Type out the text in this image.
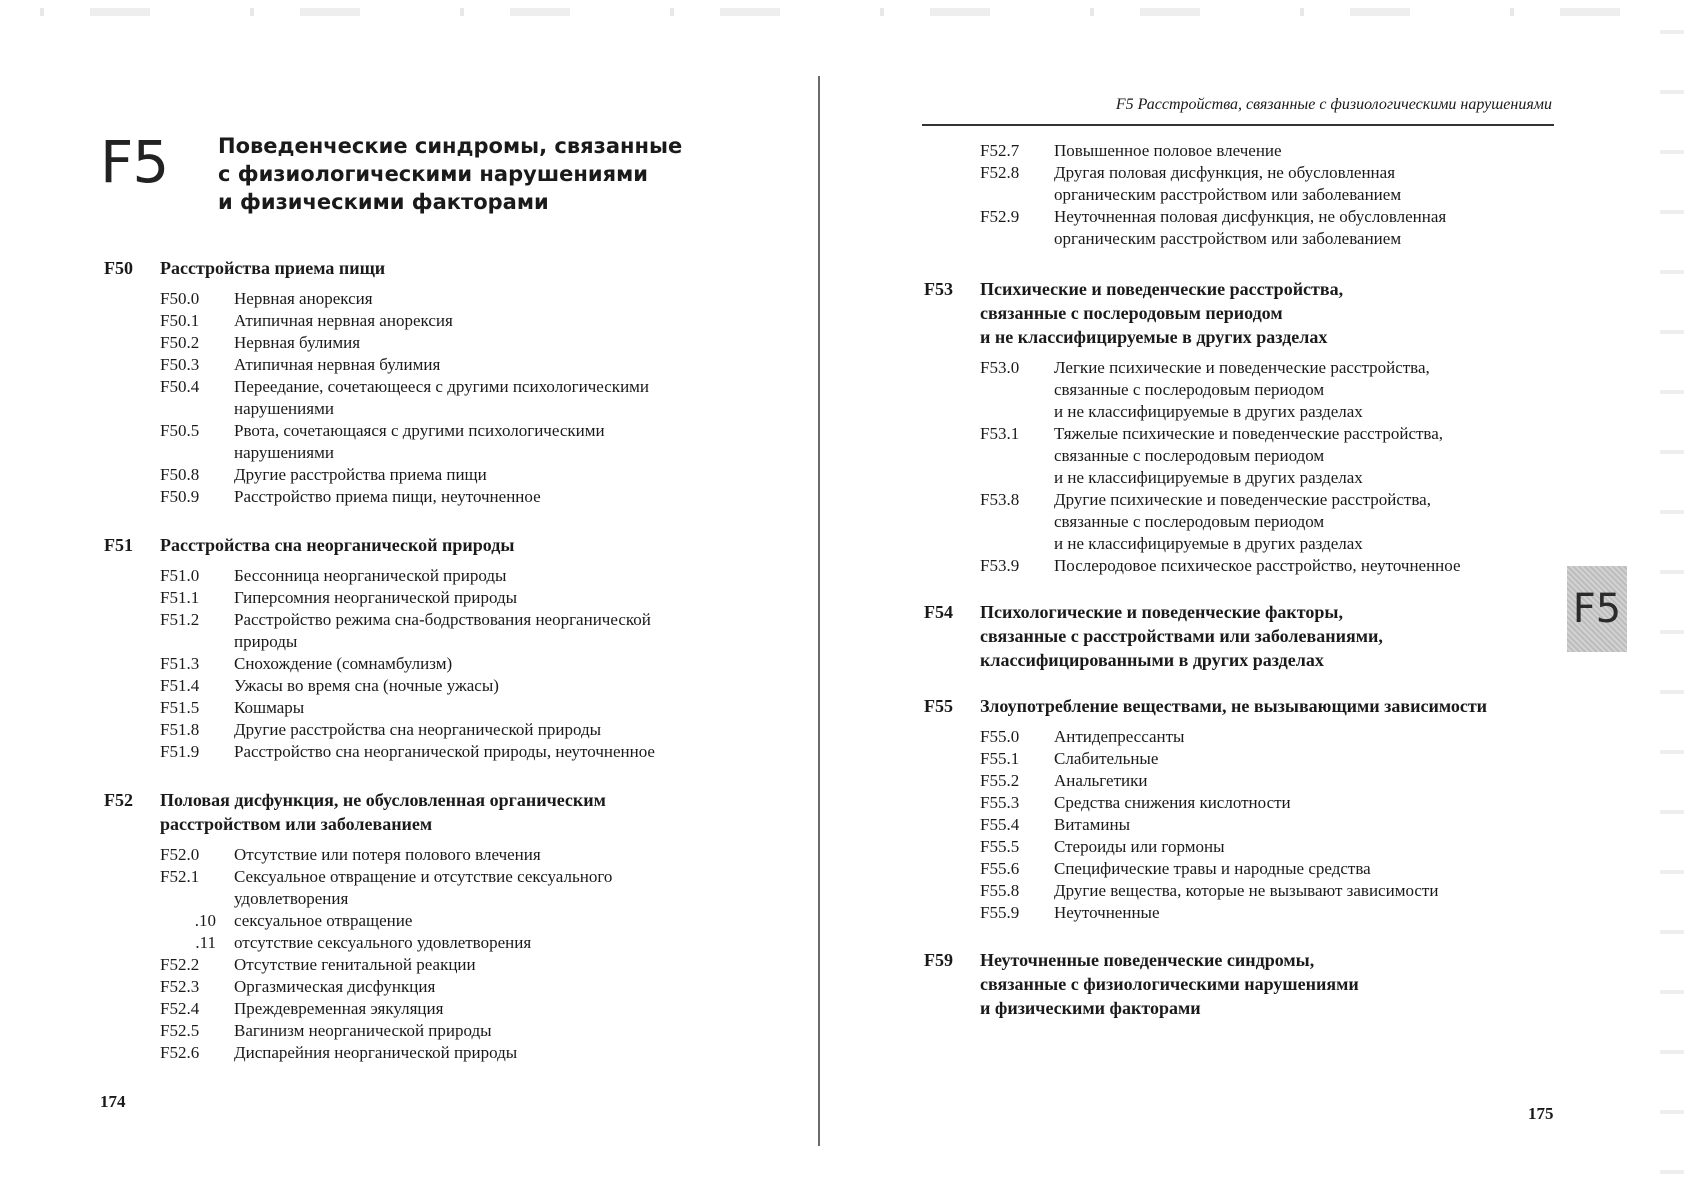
F5 Поведенческие синдромы, связанные
с физиологическими нарушениями
и физическими факторами
F50	Расстройства приема пищи
F50.0	Нервная анорексия
F50.1	Атипичная нервная анорексия
F50.2	Нервная булимия
F50.3	Атипичная нервная булимия
F50.4	Переедание, сочетающееся с другими психологическими
нарушениями
F50.5	Рвота, сочетающаяся с другими психологическими
нарушениями
F50.8	Другие расстройства приема пищи
F50.9	Расстройство приема пищи, неуточненное
F51	Расстройства сна неорганической природы
F51.0	Бессонница неорганической природы
F51.1	Гиперсомния неорганической природы
F51.2	Расстройство режима сна-бодрствования неорганической
природы
F51.3	Снохождение (сомнамбулизм)
F51.4	Ужасы во время сна (ночные ужасы)
F51.5	Кошмары
F51.8	Другие расстройства сна неорганической природы
F51.9	Расстройство сна неорганической природы, неуточненное
F52	Половая дисфункция, не обусловленная органическим
расстройством или заболеванием
F52.0	Отсутствие или потеря полового влечения
F52.1	Сексуальное отвращение и отсутствие сексуального
удовлетворения
.10	сексуальное отвращение
.11	отсутствие сексуального удовлетворения
F52.2	Отсутствие генитальной реакции
F52.3	Оргазмическая дисфункция
F52.4	Преждевременная эякуляция
F52.5	Вагинизм неорганической природы
F52.6	Диспарейния неорганической природы
174
F5 Расстройства, связанные с физиологическими нарушениями
F52.7	Повышенное половое влечение
F52.8	Другая половая дисфункция, не обусловленная
органическим расстройством или заболеванием
F52.9	Неуточненная половая дисфункция, не обусловленная
органическим расстройством или заболеванием
F53	Психические и поведенческие расстройства,
связанные с послеродовым периодом
и не классифицируемые в других разделах
F53.0	Легкие психические и поведенческие расстройства,
связанные с послеродовым периодом
и не классифицируемые в других разделах
F53.1	Тяжелые психические и поведенческие расстройства,
связанные с послеродовым периодом
и не классифицируемые в других разделах
F53.8	Другие психические и поведенческие расстройства,
связанные с послеродовым периодом
и не классифицируемые в других разделах
F53.9	Послеродовое психическое расстройство, неуточненное
F54	Психологические и поведенческие факторы,
связанные с расстройствами или заболеваниями,
классифицированными в других разделах
F55	Злоупотребление веществами, не вызывающими зависимости
F55.0	Антидепрессанты
F55.1	Слабительные
F55.2	Анальгетики
F55.3	Средства снижения кислотности
F55.4	Витамины
F55.5	Стероиды или гормоны
F55.6	Специфические травы и народные средства
F55.8	Другие вещества, которые не вызывают зависимости
F55.9	Неуточненные
F59	Неуточненные поведенческие синдромы,
связанные с физиологическими нарушениями
и физическими факторами
F5
175
